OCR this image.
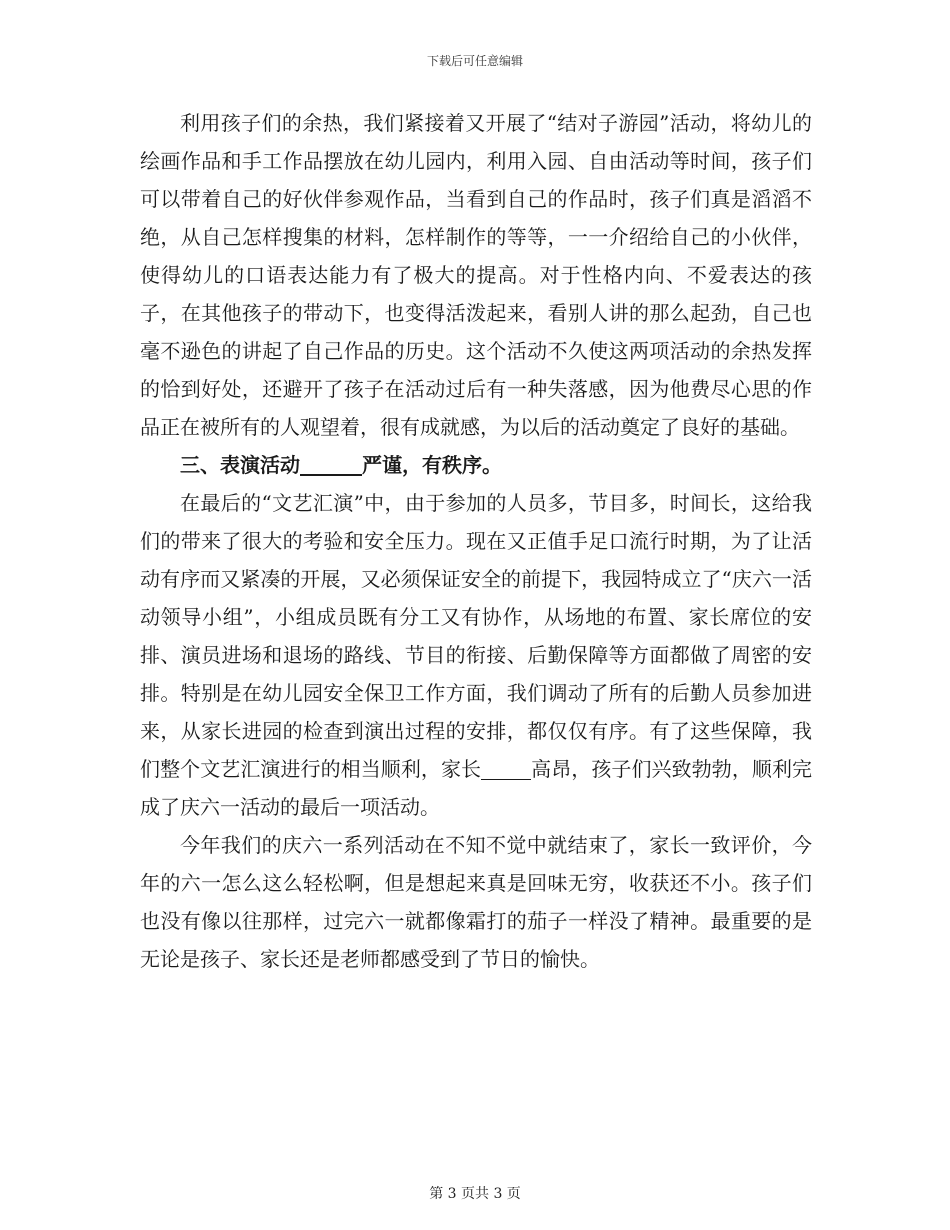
下载后可任意编辑

利用孩子们的余热，我们紧接着又开展了“结对子游园”活动，将幼儿的绘画作品和手工作品摆放在幼儿园内，利用入园、自由活动等时间，孩子们可以带着自己的好伙伴参观作品，当看到自己的作品时，孩子们真是滔滔不绝，从自己怎样搜集的材料，怎样制作的等等，一一介绍给自己的小伙伴，使得幼儿的口语表达能力有了极大的提高。对于性格内向、不爱表达的孩子，在其他孩子的带动下，也变得活泼起来，看别人讲的那么起劲，自己也毫不逊色的讲起了自己作品的历史。这个活动不久使这两项活动的余热发挥的恰到好处，还避开了孩子在活动过后有一种失落感，因为他费尽心思的作品正在被所有的人观望着，很有成就感，为以后的活动奠定了良好的基础。

三、表演活动	严谨，有秩序。

在最后的“文艺汇演”中，由于参加的人员多，节目多，时间长，这给我们的带来了很大的考验和安全压力。现在又正值手足口流行时期，为了让活动有序而又紧凑的开展，又必须保证安全的前提下，我园特成立了“庆六一活动领导小组”，小组成员既有分工又有协作，从场地的布置、家长席位的安排、演员进场和退场的路线、节目的衔接、后勤保障等方面都做了周密的安排。特别是在幼儿园安全保卫工作方面，我们调动了所有的后勤人员参加进来，从家长进园的检查到演出过程的安排，都仅仅有序。有了这些保障，我们整个文艺汇演进行的相当顺利，家长	高昂，孩子们兴致勃勃，顺利完成了庆六一活动的最后一项活动。

今年我们的庆六一系列活动在不知不觉中就结束了，家长一致评价，今年的六一怎么这么轻松啊，但是想起来真是回味无穷，收获还不小。孩子们也没有像以往那样，过完六一就都像霜打的茄子一样没了精神。最重要的是无论是孩子、家长还是老师都感受到了节日的愉快。

第 3 页共 3 页
